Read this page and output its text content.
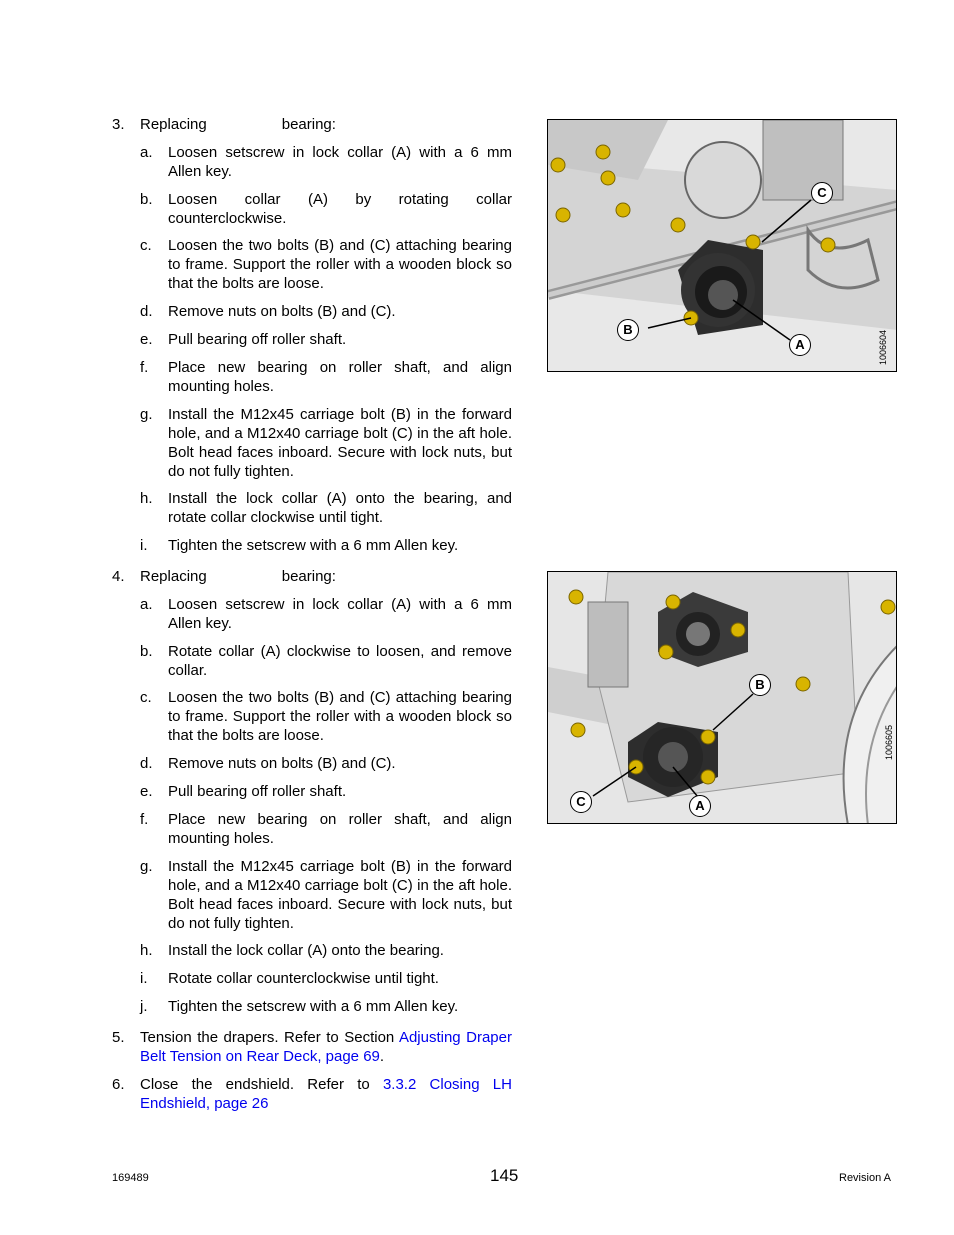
3. Replacing                  bearing:
a. Loosen setscrew in lock collar (A) with a 6 mm Allen key.
b. Loosen collar (A) by rotating collar counterclockwise.
c. Loosen the two bolts (B) and (C) attaching bearing to frame. Support the roller with a wooden block so that the bolts are loose.
d. Remove nuts on bolts (B) and (C).
e. Pull bearing off roller shaft.
f. Place new bearing on roller shaft, and align mounting holes.
g. Install the M12x45 carriage bolt (B) in the forward hole, and a M12x40 carriage bolt (C) in the aft hole. Bolt head faces inboard. Secure with lock nuts, but do not fully tighten.
h. Install the lock collar (A) onto the bearing, and rotate collar clockwise until tight.
i. Tighten the setscrew with a 6 mm Allen key.
C
B
A	1006604
4. Replacing                  bearing:
a. Loosen setscrew in lock collar (A) with a 6 mm Allen key.
b. Rotate collar (A) clockwise to loosen, and remove collar.
c. Loosen the two bolts (B) and (C) attaching bearing to frame. Support the roller with a wooden block so that the bolts are loose.
d. Remove nuts on bolts (B) and (C).
e. Pull bearing off roller shaft.
f. Place new bearing on roller shaft, and align mounting holes.
g. Install the M12x45 carriage bolt (B) in the forward hole, and a M12x40 carriage bolt (C) in the aft hole. Bolt head faces inboard. Secure with lock nuts, but do not fully tighten.
h. Install the lock collar (A) onto the bearing.
i. Rotate collar counterclockwise until tight.
j. Tighten the setscrew with a 6 mm Allen key.
B
C	A
1006605
5. Tension the drapers. Refer to Section Adjusting Draper Belt Tension on Rear Deck, page 69.
6. Close the endshield. Refer to 3.3.2 Closing LH Endshield, page 26
169489	145	Revision A
